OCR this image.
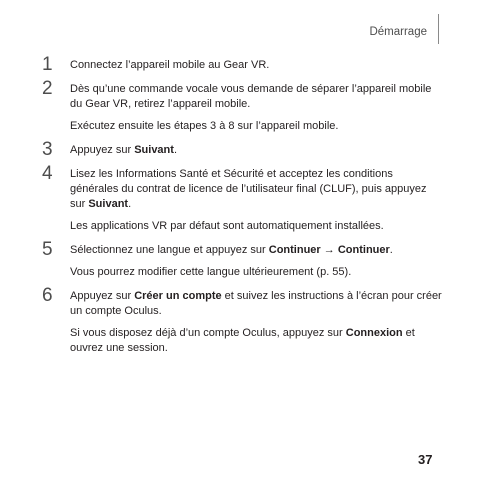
Démarrage
1 Connectez l’appareil mobile au Gear VR.

2 Dès qu’une commande vocale vous demande de séparer l’appareil mobile du Gear VR, retirez l’appareil mobile.

Exécutez ensuite les étapes 3 à 8 sur l’appareil mobile.

3 Appuyez sur Suivant.

4 Lisez les Informations Santé et Sécurité et acceptez les conditions générales du contrat de licence de l’utilisateur final (CLUF), puis appuyez sur Suivant.

Les applications VR par défaut sont automatiquement installées.

5 Sélectionnez une langue et appuyez sur Continuer → Continuer.

Vous pourrez modifier cette langue ultérieurement (p. 55).

6 Appuyez sur Créer un compte et suivez les instructions à l’écran pour créer un compte Oculus.

Si vous disposez déjà d’un compte Oculus, appuyez sur Connexion et ouvrez une session.

37
